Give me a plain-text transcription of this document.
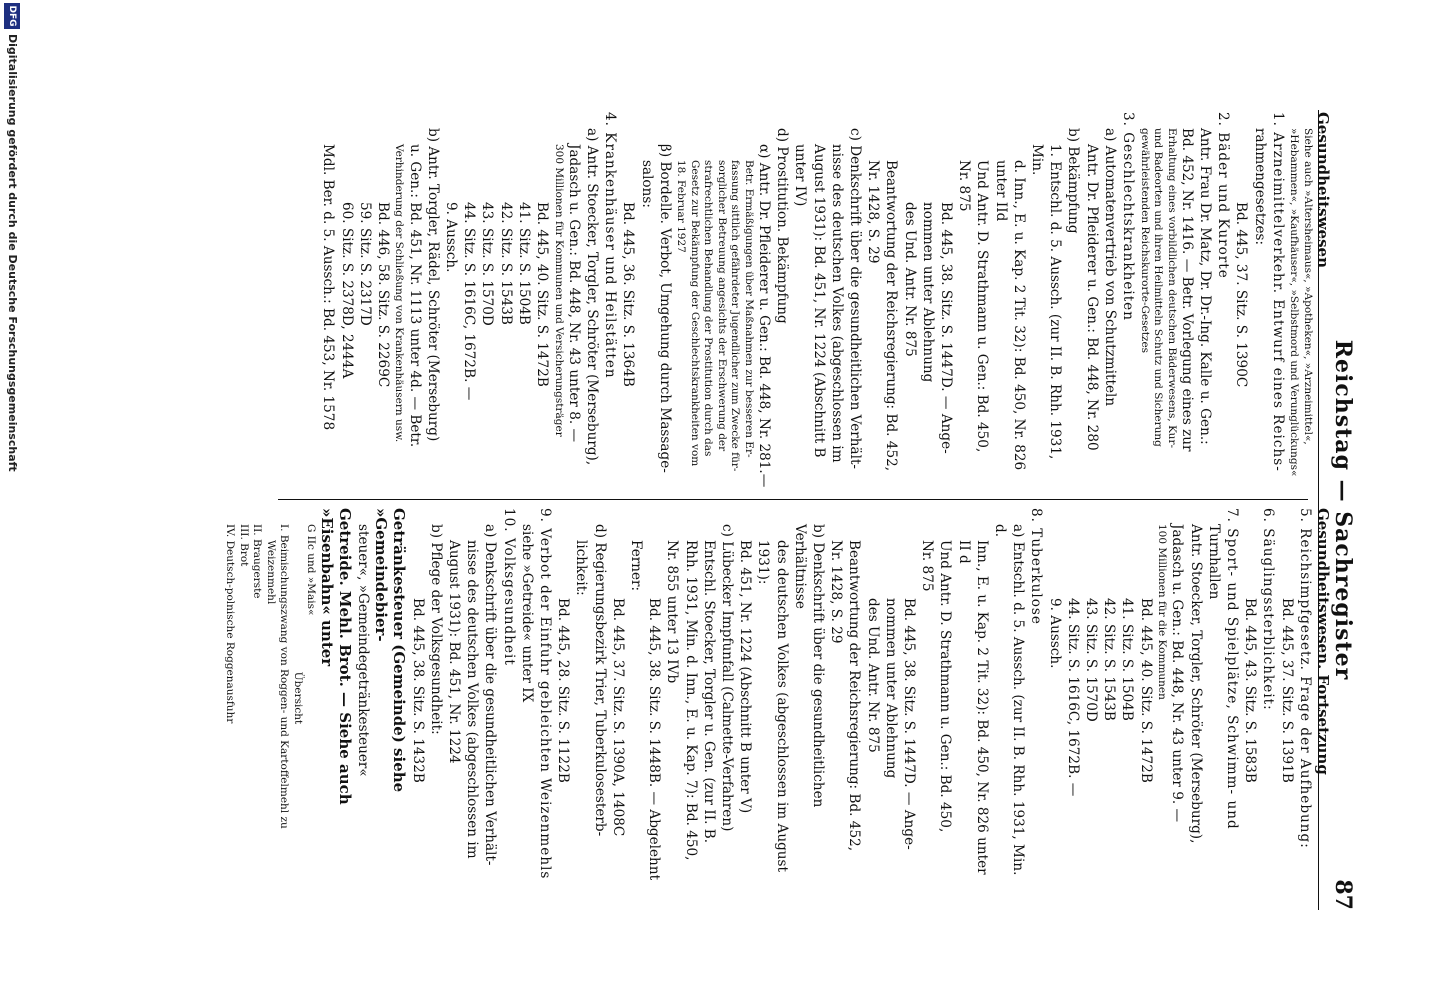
Reichstag — Sachregister
87

Gesundheitswesen

Siehe auch »Altersheimaus«, »Apotheken«, »Arzneimittel«,

»Hebammen«, »Kaufhäuser«, »Selbstmord und Verunglückungs«

1. Arzneimittelverkehr. Entwurf eines Reichs-

rahmengesetzes:

Bd. 445, 37. Sitz. S. 1390C

2. Bäder und Kurorte

Antr. Frau Dr. Matz, Dr. Dr.-Ing. Kalle u. Gen.:

Bd. 452, Nr. 1416. — Betr. Vorlegung eines zur

Erhaltung eines vorbildlichen deutschen Bäderwesens, Kur-

und Badeorten und ihren Heilmitteln Schutz und Sicherung

gewährleistenden Reichskurorte-Gesetzes

3. Geschlechtskrankheiten

a) Automatenvertrieb von Schutzmitteln

Antr. Dr. Pfleiderer u. Gen.: Bd. 448, Nr. 280

b) Bekämpfung

1. Entschl. d. 5. Aussch. (zur II. B. Rhh. 1931, Min.

d. Inn., E. u. Kap. 2 Tit. 32): Bd. 450, Nr. 826

unter IId

Und Antr. D. Strathmann u. Gen.: Bd. 450,

Nr. 875

Bd. 445, 38. Sitz. S. 1447D. — Ange-

nommen unter Ablehnung

des Und. Antr. Nr. 875

Beantwortung der Reichsregierung: Bd. 452,

Nr. 1428, S. 29

c) Denkschrift über die gesundheitlichen Verhält-

nisse des deutschen Volkes (abgeschlossen im

August 1931): Bd. 451, Nr. 1224 (Abschnitt B

unter IV)

d) Prostitution. Bekämpfung

α) Antr. Dr. Pfleiderer u. Gen.: Bd. 448, Nr. 281.—

Betr. Ermäßigungen über Maßnahmen zur besseren Er-

fassung sittlich gefährdeter Jugendlicher zum Zwecke für-

sorglicher Betreuung angesichts der Erschwerung der

strafrechtlichen Behandlung der Prostitution durch das

Gesetz zur Bekämpfung der Geschlechtskrankheiten vom

18. Februar 1927

β) Bordelle. Verbot, Umgehung durch Massage-

salons:

Bd. 445, 36. Sitz. S. 1364B

4. Krankenhäuser und Heilstätten

a) Antr. Stoecker, Torgler, Schröter (Merseburg),

Jadasch u. Gen.: Bd. 448, Nr. 43 unter 8. —

300 Millionen für Kommunen und Versicherungsträger

Bd. 445, 40. Sitz. S. 1472B

41. Sitz. S. 1504B

42. Sitz. S. 1543B

43. Sitz. S. 1570D

44. Sitz. S. 1616C, 1672B. —

9. Aussch.

b) Antr. Torgler, Rädel, Schröter (Merseburg)

u. Gen.: Bd. 451, Nr. 1113 unter 4d. — Betr.

Verhinderung der Schließung von Krankenhäusern usw.

Bd. 446, 58. Sitz. S. 2269C

59. Sitz. S. 2317D

60. Sitz. S. 2378D, 2444A

Mdl. Ber. d. 5. Aussch.: Bd. 453, Nr. 1578

Gesundheitswesen. Fortsetzung

5. Reichsimpfgesetz. Frage der Aufhebung:

Bd. 445, 37. Sitz. S. 1391B

6. Säuglingssterblichkeit:

Bd. 445, 43. Sitz. S. 1583B

7. Sport- und Spielplätze, Schwimm- und

Turnhallen

Antr. Stoecker, Torgler, Schröter (Merseburg),

Jadasch u. Gen.: Bd. 448, Nr. 43 unter 9. —

100 Millionen für die Kommunen

Bd. 445, 40. Sitz. S. 1472B

41. Sitz. S. 1504B

42. Sitz. S. 1543B

43. Sitz. S. 1570D

44. Sitz. S. 1616C, 1672B. —

9. Aussch.

8. Tuberkulose

a) Entschl. d. 5. Aussch. (zur II. B. Rhh. 1931, Min. d.

Inn., E. u. Kap. 2 Tit. 32): Bd. 450, Nr. 826 unter II d

Und Antr. D. Strathmann u. Gen.: Bd. 450,

Nr. 875

Bd. 445, 38. Sitz. S. 1447D. — Ange-

nommen unter Ablehnung

des Und. Antr. Nr. 875

Beantwortung der Reichsregierung: Bd. 452,

Nr. 1428, S. 29

b) Denkschrift über die gesundheitlichen Verhältnisse

des deutschen Volkes (abgeschlossen im August 1931):

Bd. 451, Nr. 1224 (Abschnitt B unter V)

c) Lübecker Impfunfall (Calmette-Verfahren)

Entschl. Stoecker, Torgler u. Gen. (zur II. B.

Rhh. 1931, Min. d. Inn., E. u. Kap. 7): Bd. 450,

Nr. 855 unter 13 IVb

Bd. 445, 38. Sitz. S. 1448B. — Abgelehnt

Ferner:

Bd. 445, 37. Sitz. S. 1390A, 1408C

d) Regierungsbezirk Trier, Tuberkulosesterb-

lichkeit:

Bd. 445, 28. Sitz. S. 1122B

9. Verbot der Einfuhr gebleichten Weizenmehls

siehe »Getreide« unter IX

10. Volksgesundheit

a) Denkschrift über die gesundheitlichen Verhält-

nisse des deutschen Volkes (abgeschlossen im

August 1931): Bd. 451, Nr. 1224

b) Pflege der Volksgesundheit:

Bd. 445, 38. Sitz. S. 1432B

Getränkesteuer (Gemeinde) siehe »Gemeindebier-

steuer«, »Gemeindegetränkesteuer«

Getreide. Mehl. Brot. — Siehe auch »Eisenbahn« unter

G IIc und »Mais«

Übersicht

I. Beimischungszwang von Roggen- und Kartoffelmehl zu

Weizenmehl

II. Braugerste

III. Brot

IV. Deutsch-polnische Roggenausfuhr

DFG
Digitalisierung gefördert durch die Deutsche Forschungsgemeinschaft
